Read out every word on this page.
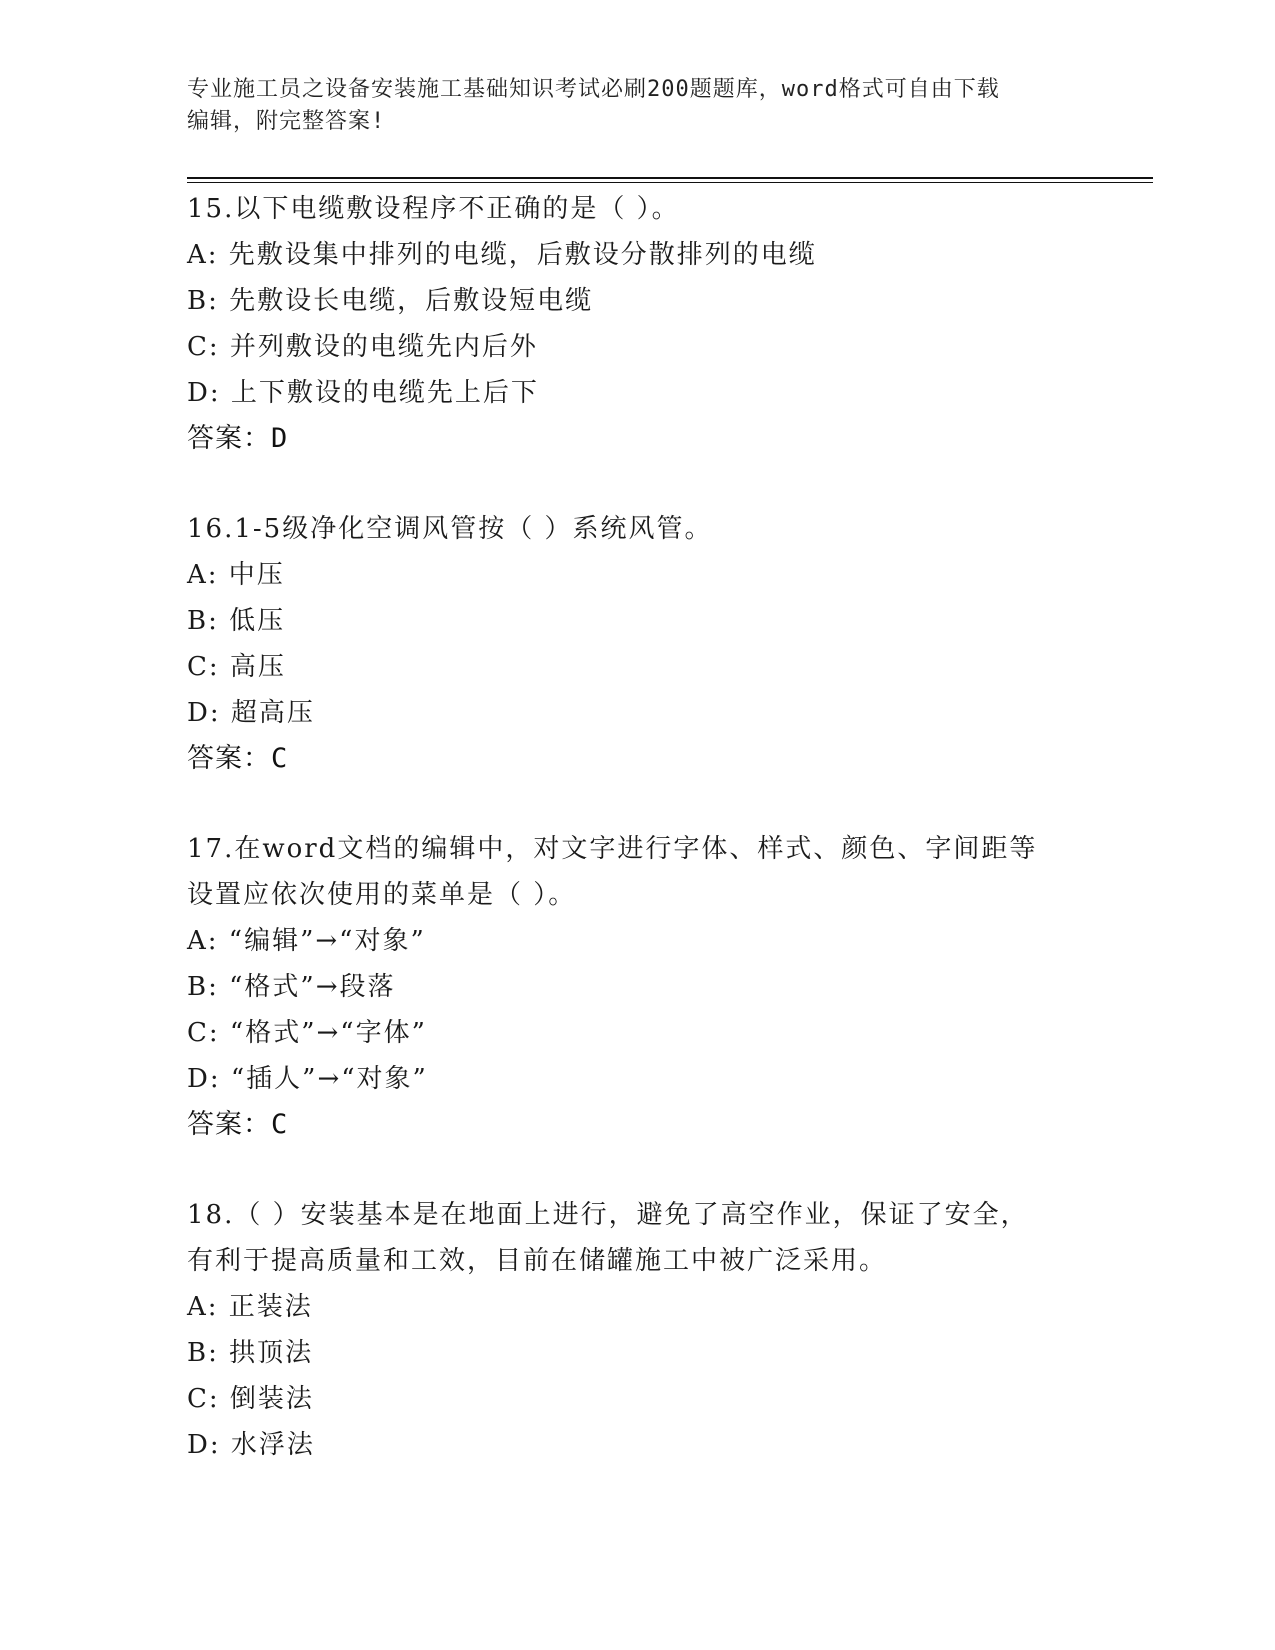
专业施工员之设备安装施工基础知识考试必刷200题题库，word格式可自由下载
编辑，附完整答案!
15.以下电缆敷设程序不正确的是（ ）。
A: 先敷设集中排列的电缆，后敷设分散排列的电缆
B: 先敷设长电缆，后敷设短电缆
C: 并列敷设的电缆先内后外
D: 上下敷设的电缆先上后下
答案：D
16.1-5级净化空调风管按（ ）系统风管。
A: 中压
B: 低压
C: 高压
D: 超高压
答案：C
17.在word文档的编辑中，对文字进行字体、样式、颜色、字间距等
设置应依次使用的菜单是（ ）。
A: “编辑”→“对象”
B: “格式”→段落
C: “格式”→“字体”
D: “插人”→“对象”
答案：C
18.（ ）安装基本是在地面上进行，避免了高空作业，保证了安全，
有利于提高质量和工效，目前在储罐施工中被广泛采用。
A: 正装法
B: 拱顶法
C: 倒装法
D: 水浮法
